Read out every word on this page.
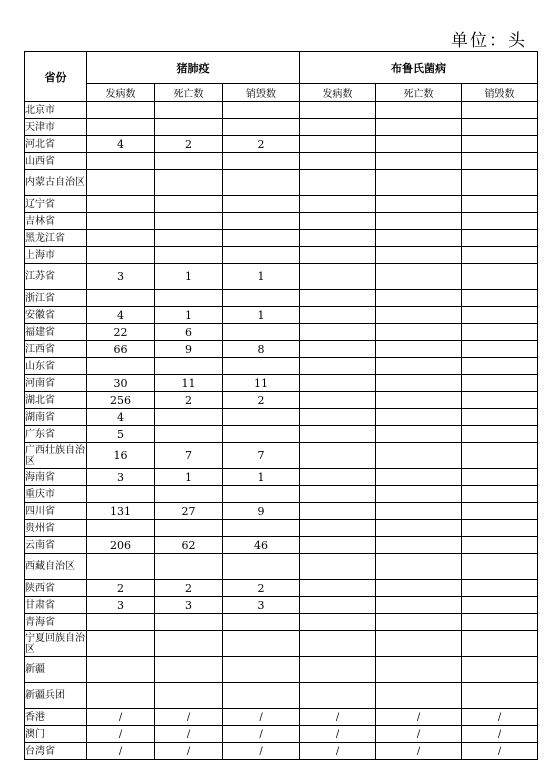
单位：头
省份	猪肺疫			布鲁氏菌病		
	发病数	死亡数	销毁数	发病数	死亡数	销毁数
北京市						
天津市						
河北省	4	2	2			
山西省						
内蒙古自治区						
辽宁省						
吉林省						
黑龙江省						
上海市						
江苏省	3	1	1			
浙江省						
安徽省	4	1	1			
福建省	22	6				
江西省	66	9	8			
山东省						
河南省	30	11	11			
湖北省	256	2	2			
湖南省	4					
广东省	5					
广西壮族自治区	16	7	7			
海南省	3	1	1			
重庆市						
四川省	131	27	9			
贵州省						
云南省	206	62	46			
西藏自治区						
陕西省	2	2	2			
甘肃省	3	3	3			
青海省						
宁夏回族自治区						
新疆						
新疆兵团						
香港	/	/	/	/	/	/
澳门	/	/	/	/	/	/
台湾省	/	/	/	/	/	/
